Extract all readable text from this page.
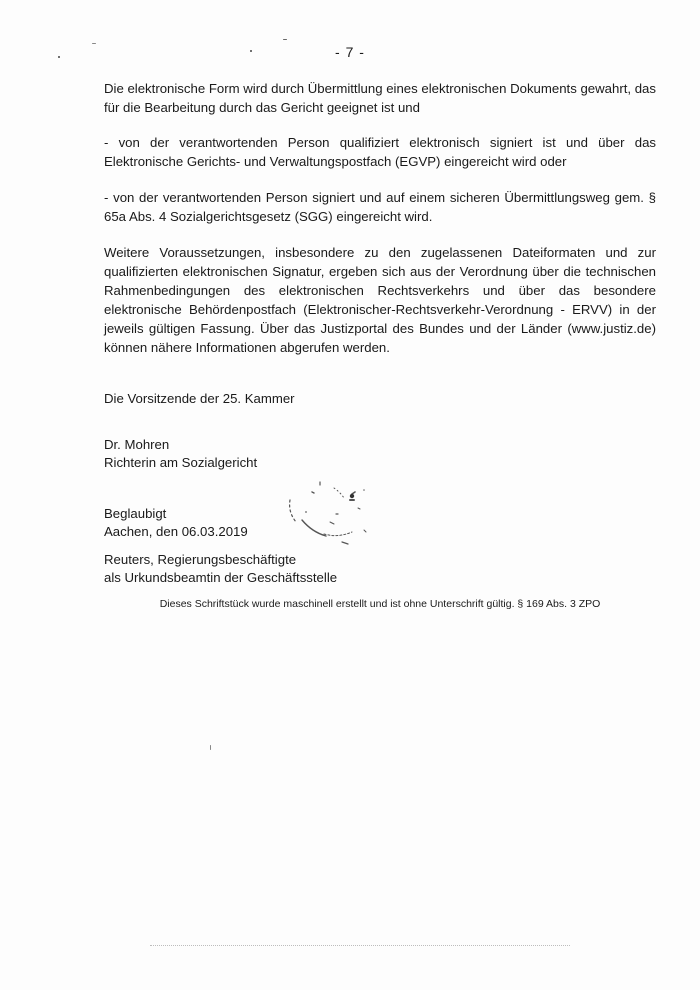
- 7 -

Die elektronische Form wird durch Übermittlung eines elektronischen Dokuments gewahrt, das für die Bearbeitung durch das Gericht geeignet ist und

- von der verantwortenden Person qualifiziert elektronisch signiert ist und über das Elektronische Gerichts- und Verwaltungspostfach (EGVP) eingereicht wird oder

- von der verantwortenden Person signiert und auf einem sicheren Übermittlungsweg gem. § 65a Abs. 4 Sozialgerichtsgesetz (SGG) eingereicht wird.

Weitere Voraussetzungen, insbesondere zu den zugelassenen Dateiformaten und zur qualifizierten elektronischen Signatur, ergeben sich aus der Verordnung über die technischen Rahmenbedingungen des elektronischen Rechtsverkehrs und über das besondere elektronische Behördenpostfach (Elektronischer-Rechtsverkehr-Verordnung - ERVV) in der jeweils gültigen Fassung. Über das Justizportal des Bundes und der Länder (www.justiz.de) können nähere Informationen abgerufen werden.

Die Vorsitzende der 25. Kammer

Dr. Mohren
Richterin am Sozialgericht

Beglaubigt
Aachen, den 06.03.2019

Reuters, Regierungsbeschäftigte
als Urkundsbeamtin der Geschäftsstelle

Dieses Schriftstück wurde maschinell erstellt und ist ohne Unterschrift gültig. § 169 Abs. 3 ZPO
